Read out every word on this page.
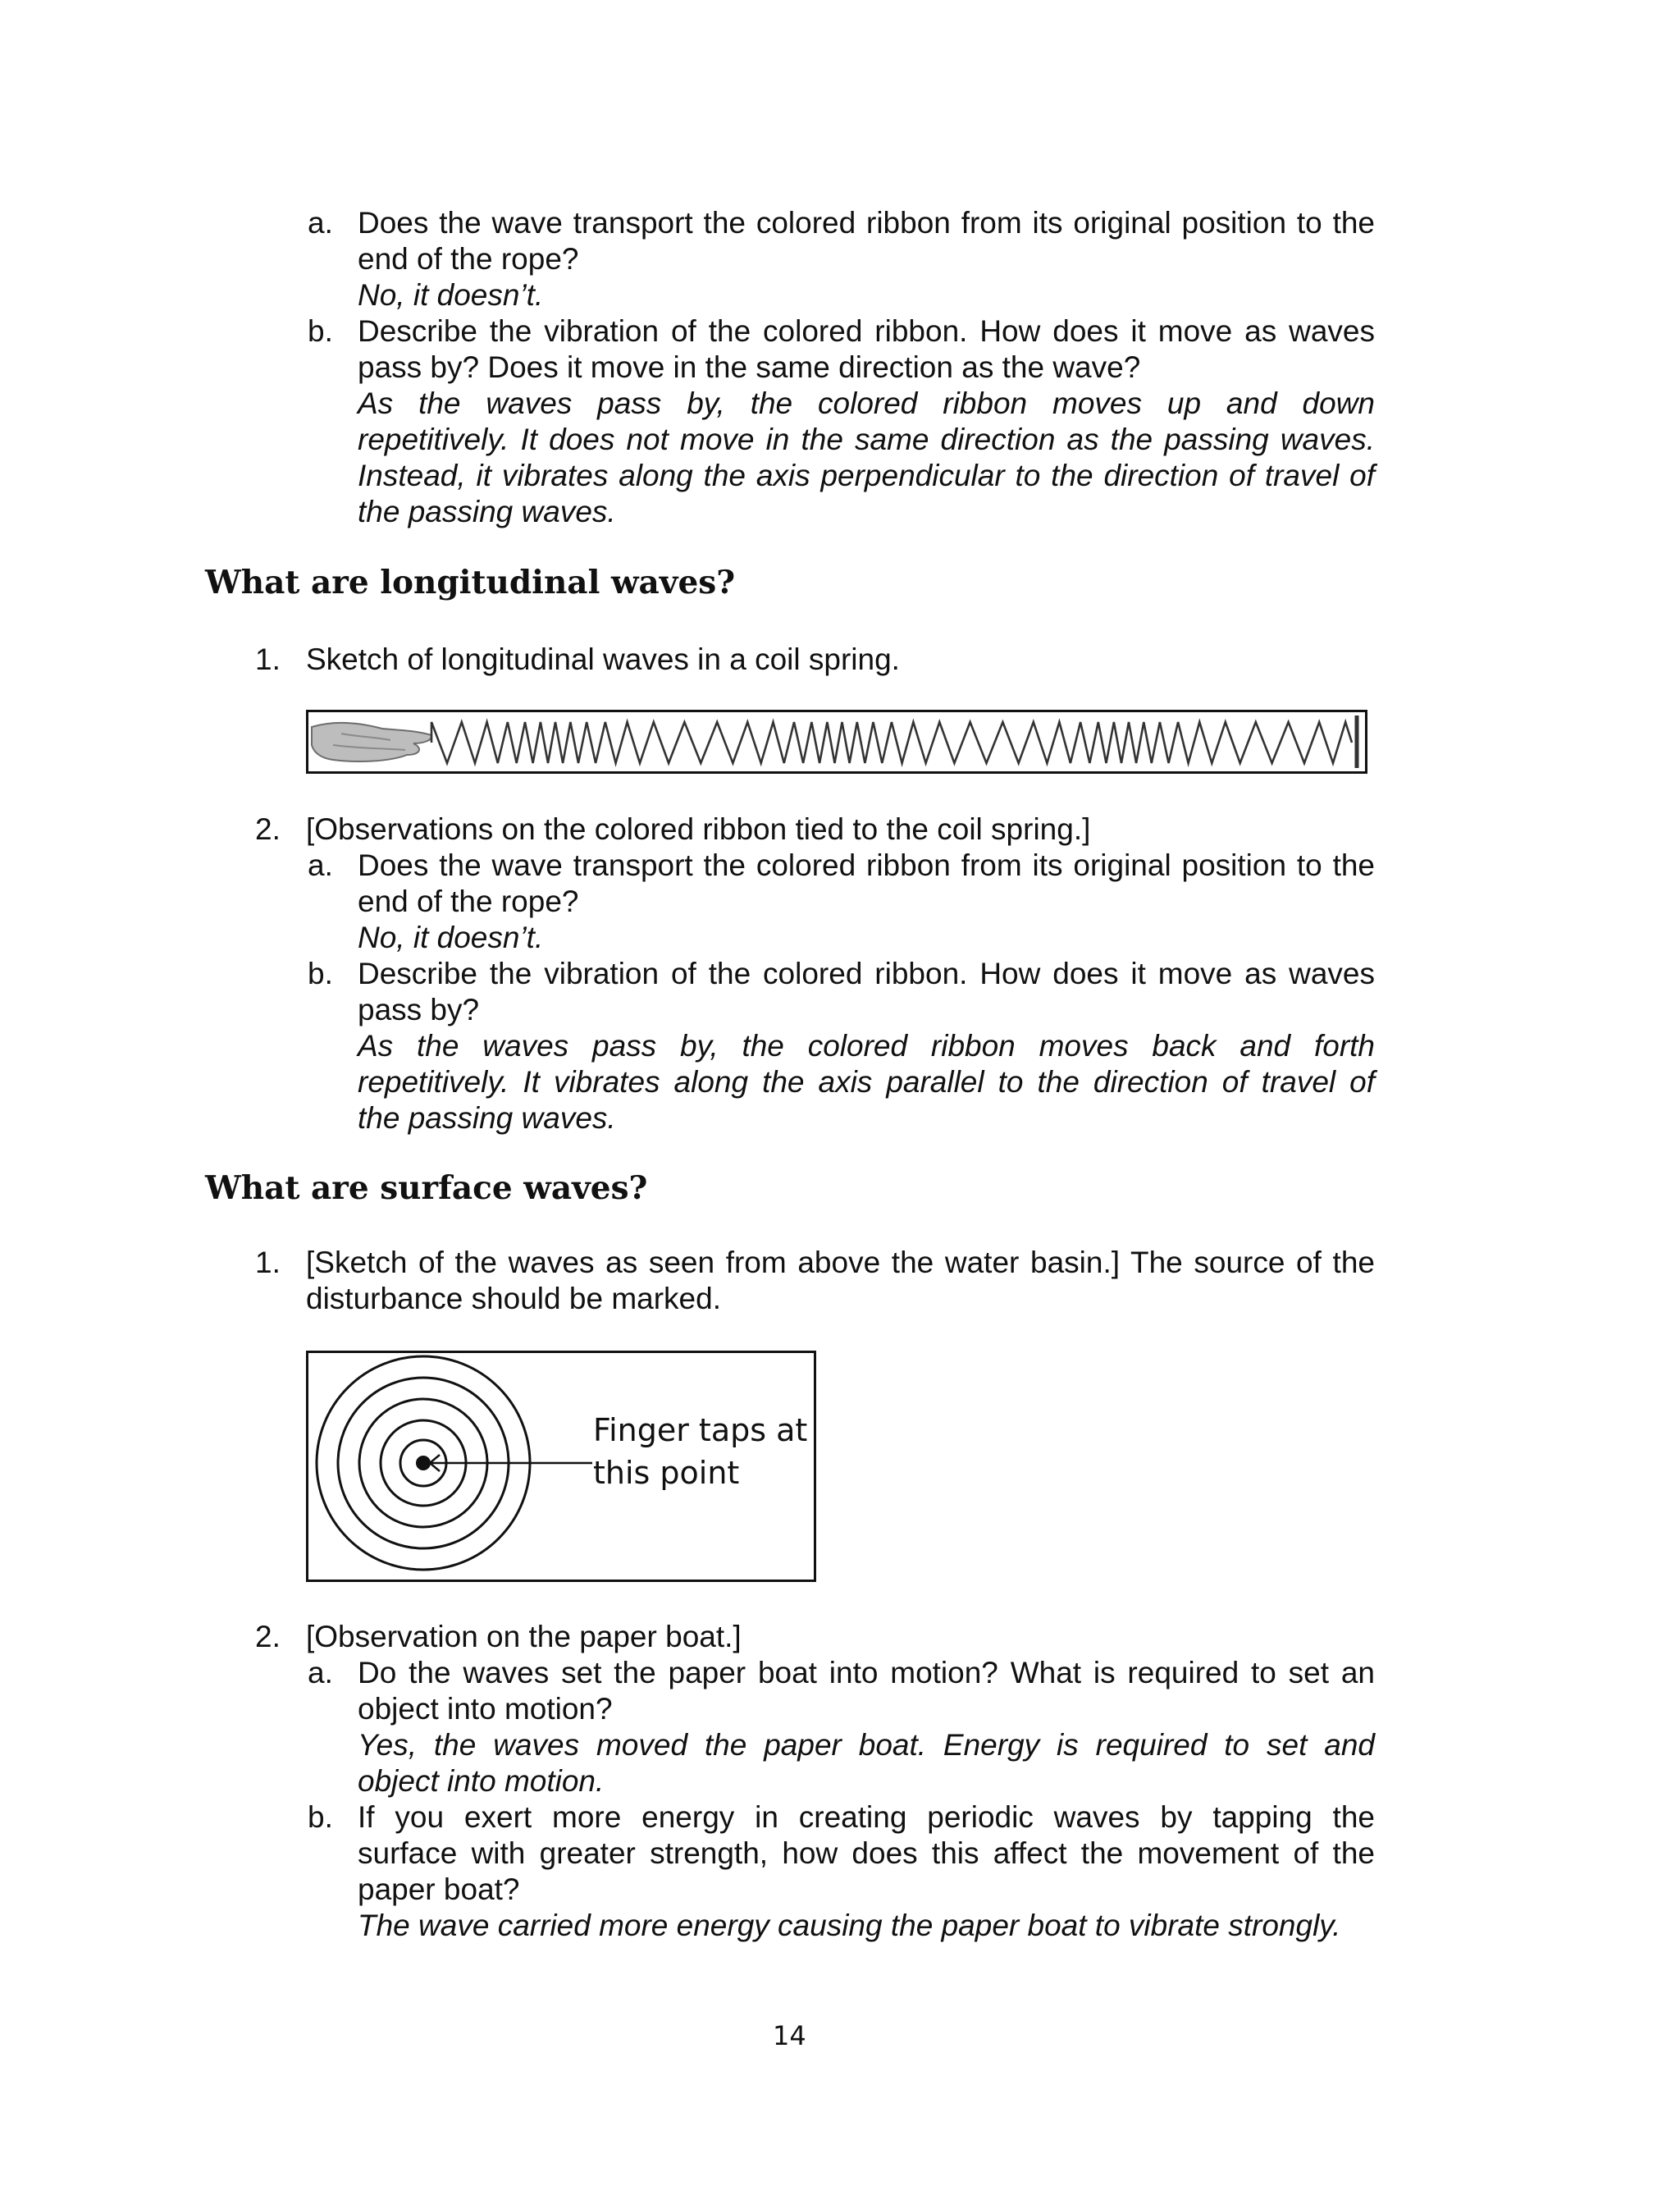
a. Does the wave transport the colored ribbon from its original position to the
end of the rope?
No, it doesn’t.
b. Describe the vibration of the colored ribbon. How does it move as waves
pass by? Does it move in the same direction as the wave?
As the waves pass by, the colored ribbon moves up and down
repetitively. It does not move in the same direction as the passing waves.
Instead, it vibrates along the axis perpendicular to the direction of travel of
the passing waves.
What are longitudinal waves?
1. Sketch of longitudinal waves in a coil spring.
2. [Observations on the colored ribbon tied to the coil spring.]
a. Does the wave transport the colored ribbon from its original position to the
end of the rope?
No, it doesn’t.
b. Describe the vibration of the colored ribbon. How does it move as waves
pass by?
As the waves pass by, the colored ribbon moves back and forth
repetitively. It vibrates along the axis parallel to the direction of travel of
the passing waves.
What are surface waves?
1. [Sketch of the waves as seen from above the water basin.] The source of the
disturbance should be marked.
Finger taps at
this point
2. [Observation on the paper boat.]
a. Do the waves set the paper boat into motion? What is required to set an
object into motion?
Yes, the waves moved the paper boat. Energy is required to set and
object into motion.
b. If you exert more energy in creating periodic waves by tapping the
surface with greater strength, how does this affect the movement of the
paper boat?
The wave carried more energy causing the paper boat to vibrate strongly.
14
